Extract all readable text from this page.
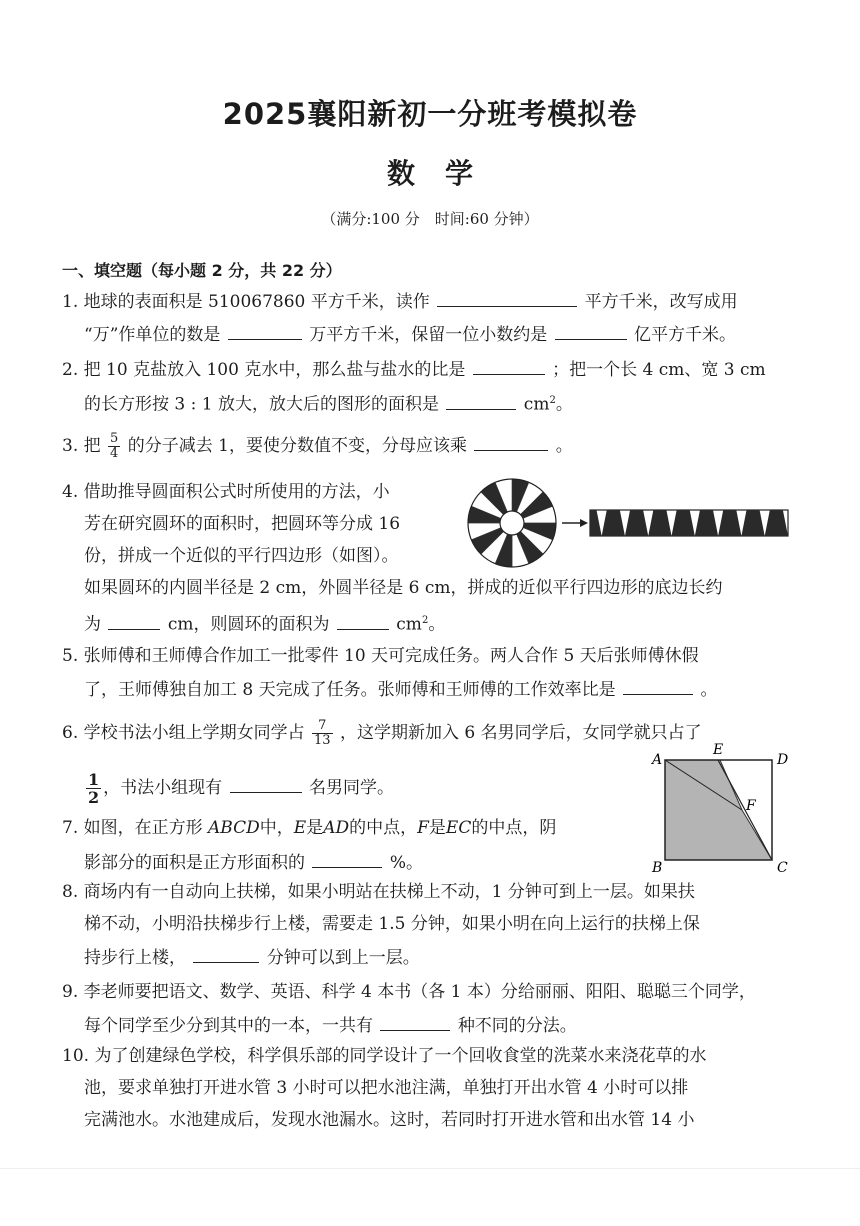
2025襄阳新初一分班考模拟卷
数学
（满分:100 分　时间:60 分钟）
一、填空题（每小题 2 分，共 22 分）
1. 地球的表面积是 510067860 平方千米，读作	平方千米，改写成用
“万”作单位的数是	万平方千米，保留一位小数约是	亿平方千米。
2. 把 10 克盐放入 100 克水中，那么盐与盐水的比是	；把一个长 4 cm、宽 3 cm
的长方形按 3 : 1 放大，放大后的图形的面积是	$cm^2$。
3. 把 $\frac{5}{4}$ 的分子减去 1，要使分数值不变，分母应该乘	。
4. 借助推导圆面积公式时所使用的方法，小
芳在研究圆环的面积时，把圆环等分成 16
份，拼成一个近似的平行四边形（如图）。
如果圆环的内圆半径是 2 cm，外圆半径是 6 cm，拼成的近似平行四边形的底边长约
为	cm，则圆环的面积为	$cm^2$。
5. 张师傅和王师傅合作加工一批零件 10 天可完成任务。两人合作 5 天后张师傅休假
了，王师傅独自加工 8 天完成了任务。张师傅和王师傅的工作效率比是	。
6. 学校书法小组上学期女同学占 $\frac{7}{13}$ ，这学期新加入 6 名男同学后，女同学就只占了
$\frac{1}{2}$ ，书法小组现有	名男同学。
A	D
B	C
E
F
7. 如图，在正方形 ABCD中，E是AD的中点，F是EC的中点，阴
影部分的面积是正方形面积的	%。
8. 商场内有一自动向上扶梯，如果小明站在扶梯上不动，1 分钟可到上一层。如果扶
梯不动，小明沿扶梯步行上楼，需要走 1.5 分钟，如果小明在向上运行的扶梯上保
持步行上楼，	分钟可以到上一层。
9. 李老师要把语文、数学、英语、科学 4 本书（各 1 本）分给丽丽、阳阳、聪聪三个同学，
每个同学至少分到其中的一本，一共有	种不同的分法。
10. 为了创建绿色学校，科学俱乐部的同学设计了一个回收食堂的洗菜水来浇花草的水
池，要求单独打开进水管 3 小时可以把水池注满，单独打开出水管 4 小时可以排
完满池水。水池建成后，发现水池漏水。这时，若同时打开进水管和出水管 14 小
